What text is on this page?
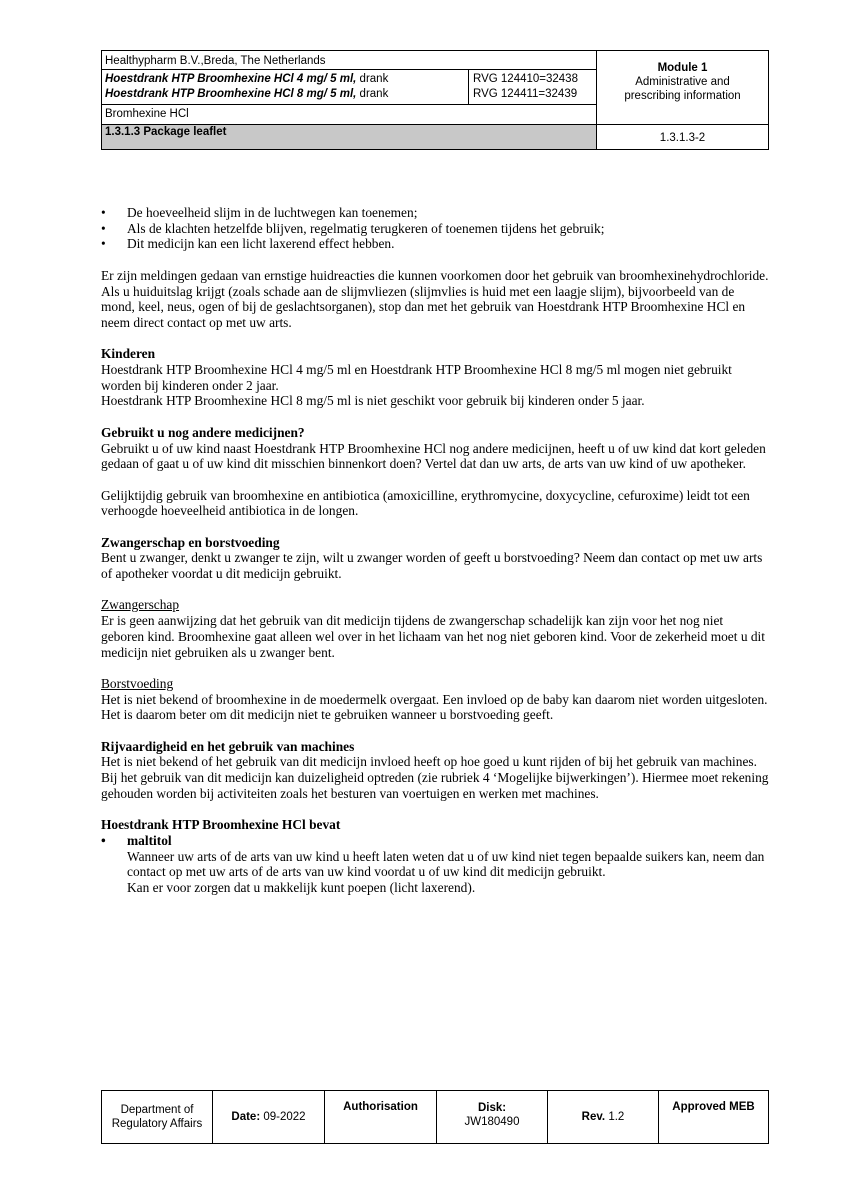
Healthypharm B.V.,Breda, The Netherlands
Hoestdrank HTP Broomhexine HCl 4 mg/ 5 ml, drank
Hoestdrank HTP Broomhexine HCl 8 mg/ 5 ml, drank
RVG 124410=32438
RVG 124411=32439
Bromhexine HCl
1.3.1.3 Package leaflet
Module 1
Administrative and
prescribing information
1.3.1.3-2

• De hoeveelheid slijm in de luchtwegen kan toenemen;

• Als de klachten hetzelfde blijven, regelmatig terugkeren of toenemen tijdens het gebruik;

• Dit medicijn kan een licht laxerend effect hebben.

Er zijn meldingen gedaan van ernstige huidreacties die kunnen voorkomen door het gebruik van broomhexinehydrochloride. Als u huiduitslag krijgt (zoals schade aan de slijmvliezen (slijmvlies is huid met een laagje slijm), bijvoorbeeld van de mond, keel, neus, ogen of bij de geslachtsorganen), stop dan met het gebruik van Hoestdrank HTP Broomhexine HCl en neem direct contact op met uw arts.

Kinderen

Hoestdrank HTP Broomhexine HCl 4 mg/5 ml en Hoestdrank HTP Broomhexine HCl 8 mg/5 ml mogen niet gebruikt worden bij kinderen onder 2 jaar.

Hoestdrank HTP Broomhexine HCl 8 mg/5 ml is niet geschikt voor gebruik bij kinderen onder 5 jaar.

Gebruikt u nog andere medicijnen?

Gebruikt u of uw kind naast Hoestdrank HTP Broomhexine HCl nog andere medicijnen, heeft u of uw kind dat kort geleden gedaan of gaat u of uw kind dit misschien binnenkort doen? Vertel dat dan uw arts, de arts van uw kind of uw apotheker.

Gelijktijdig gebruik van broomhexine en antibiotica (amoxicilline, erythromycine, doxycycline, cefuroxime) leidt tot een verhoogde hoeveelheid antibiotica in de longen.

Zwangerschap en borstvoeding

Bent u zwanger, denkt u zwanger te zijn, wilt u zwanger worden of geeft u borstvoeding? Neem dan contact op met uw arts of apotheker voordat u dit medicijn gebruikt.

Zwangerschap

Er is geen aanwijzing dat het gebruik van dit medicijn tijdens de zwangerschap schadelijk kan zijn voor het nog niet geboren kind. Broomhexine gaat alleen wel over in het lichaam van het nog niet geboren kind. Voor de zekerheid moet u dit medicijn niet gebruiken als u zwanger bent.

Borstvoeding

Het is niet bekend of broomhexine in de moedermelk overgaat. Een invloed op de baby kan daarom niet worden uitgesloten. Het is daarom beter om dit medicijn niet te gebruiken wanneer u borstvoeding geeft.

Rijvaardigheid en het gebruik van machines

Het is niet bekend of het gebruik van dit medicijn invloed heeft op hoe goed u kunt rijden of bij het gebruik van machines. Bij het gebruik van dit medicijn kan duizeligheid optreden (zie rubriek 4 ‘Mogelijke bijwerkingen’). Hiermee moet rekening gehouden worden bij activiteiten zoals het besturen van voertuigen en werken met machines.

Hoestdrank HTP Broomhexine HCl bevat

• maltitol

Wanneer uw arts of de arts van uw kind u heeft laten weten dat u of uw kind niet tegen bepaalde suikers kan, neem dan contact op met uw arts of de arts van uw kind voordat u of uw kind dit medicijn gebruikt.

Kan er voor zorgen dat u makkelijk kunt poepen (licht laxerend).

Department of
Regulatory Affairs
Date: 09-2022
Authorisation	Disk:
JW180490	Rev. 1.2
Approved MEB
